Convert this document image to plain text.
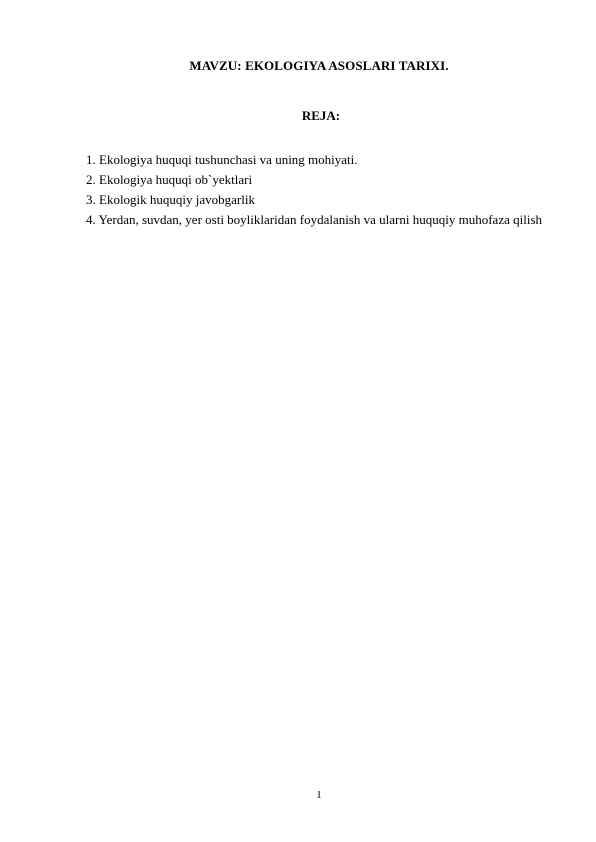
MAVZU: EKOLOGIYA ASOSLARI TARIXI.
REJA:
1. Ekologiya huquqi tushunchasi va uning mohiyati.
2. Ekologiya huquqi ob`yektlari
3. Ekologik huquqiy javobgarlik
4. Yerdan, suvdan, yer osti boyliklaridan foydalanish va ularni huquqiy muhofaza qilish
1
